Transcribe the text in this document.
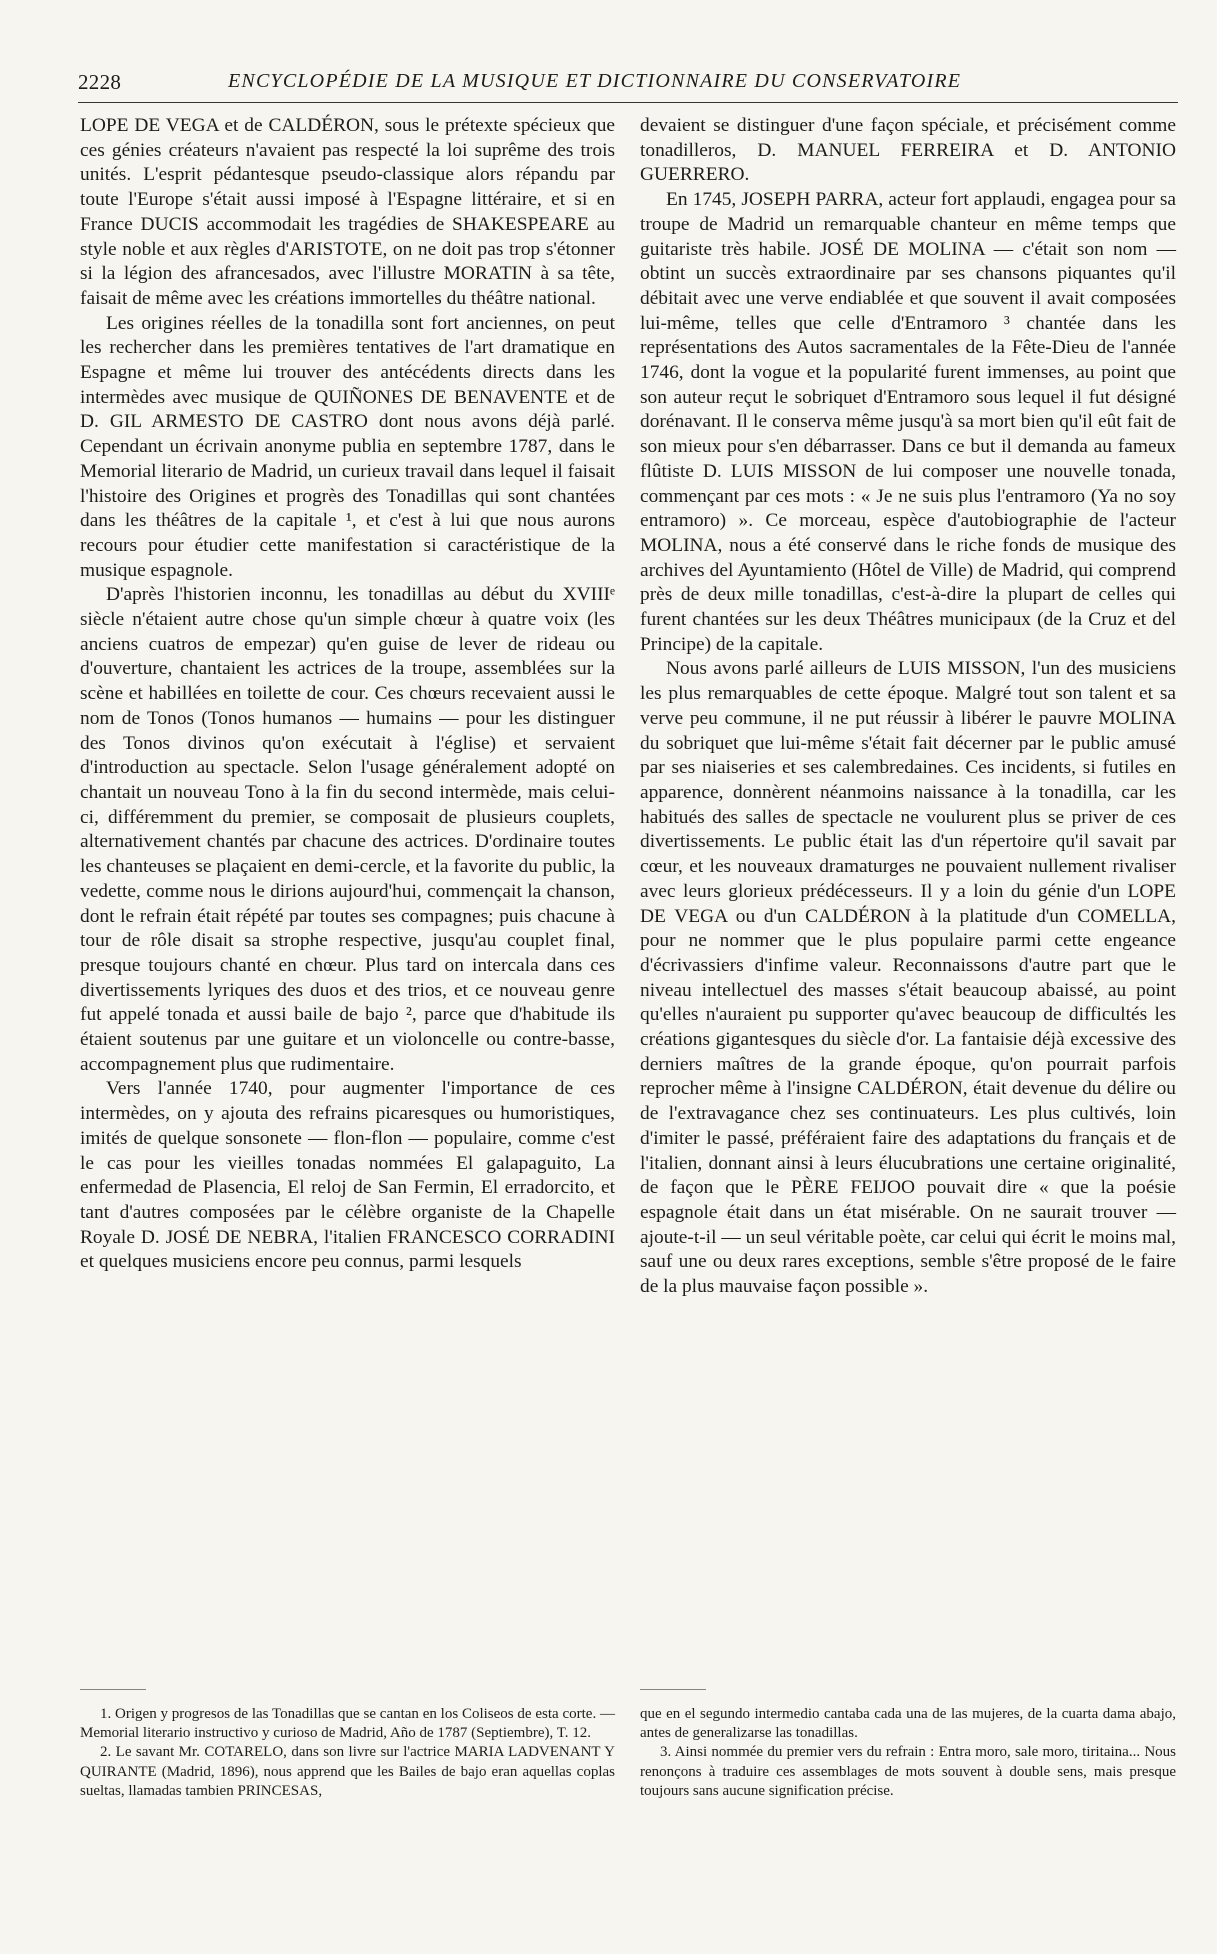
2228	ENCYCLOPÉDIE DE LA MUSIQUE ET DICTIONNAIRE DU CONSERVATOIRE

LOPE DE VEGA et de CALDÉRON, sous le prétexte spécieux que ces génies créateurs n'avaient pas respecté la loi suprême des trois unités. L'esprit pédantesque pseudo-classique alors répandu par toute l'Europe s'était aussi imposé à l'Espagne littéraire, et si en France DUCIS accommodait les tragédies de SHAKESPEARE au style noble et aux règles d'ARISTOTE, on ne doit pas trop s'étonner si la légion des afrancesados, avec l'illustre MORATIN à sa tête, faisait de même avec les créations immortelles du théâtre national.

Les origines réelles de la tonadilla sont fort anciennes, on peut les rechercher dans les premières tentatives de l'art dramatique en Espagne et même lui trouver des antécédents directs dans les intermèdes avec musique de QUIÑONES DE BENAVENTE et de D. GIL ARMESTO DE CASTRO dont nous avons déjà parlé. Cependant un écrivain anonyme publia en septembre 1787, dans le Memorial literario de Madrid, un curieux travail dans lequel il faisait l'histoire des Origines et progrès des Tonadillas qui sont chantées dans les théâtres de la capitale ¹, et c'est à lui que nous aurons recours pour étudier cette manifestation si caractéristique de la musique espagnole.

D'après l'historien inconnu, les tonadillas au début du XVIIIᵉ siècle n'étaient autre chose qu'un simple chœur à quatre voix (les anciens cuatros de empezar) qu'en guise de lever de rideau ou d'ouverture, chantaient les actrices de la troupe, assemblées sur la scène et habillées en toilette de cour. Ces chœurs recevaient aussi le nom de Tonos (Tonos humanos — humains — pour les distinguer des Tonos divinos qu'on exécutait à l'église) et servaient d'introduction au spectacle. Selon l'usage généralement adopté on chantait un nouveau Tono à la fin du second intermède, mais celui-ci, différemment du premier, se composait de plusieurs couplets, alternativement chantés par chacune des actrices. D'ordinaire toutes les chanteuses se plaçaient en demi-cercle, et la favorite du public, la vedette, comme nous le dirions aujourd'hui, commençait la chanson, dont le refrain était répété par toutes ses compagnes; puis chacune à tour de rôle disait sa strophe respective, jusqu'au couplet final, presque toujours chanté en chœur. Plus tard on intercala dans ces divertissements lyriques des duos et des trios, et ce nouveau genre fut appelé tonada et aussi baile de bajo ², parce que d'habitude ils étaient soutenus par une guitare et un violoncelle ou contre-basse, accompagnement plus que rudimentaire.

Vers l'année 1740, pour augmenter l'importance de ces intermèdes, on y ajouta des refrains picaresques ou humoristiques, imités de quelque sonsonete — flon-flon — populaire, comme c'est le cas pour les vieilles tonadas nommées El galapaguito, La enfermedad de Plasencia, El reloj de San Fermin, El erradorcito, et tant d'autres composées par le célèbre organiste de la Chapelle Royale D. JOSÉ DE NEBRA, l'italien FRANCESCO CORRADINI et quelques musiciens encore peu connus, parmi lesquels

devaient se distinguer d'une façon spéciale, et précisément comme tonadilleros, D. MANUEL FERREIRA et D. ANTONIO GUERRERO.

En 1745, JOSEPH PARRA, acteur fort applaudi, engagea pour sa troupe de Madrid un remarquable chanteur en même temps que guitariste très habile. JOSÉ DE MOLINA — c'était son nom — obtint un succès extraordinaire par ses chansons piquantes qu'il débitait avec une verve endiablée et que souvent il avait composées lui-même, telles que celle d'Entramoro ³ chantée dans les représentations des Autos sacramentales de la Fête-Dieu de l'année 1746, dont la vogue et la popularité furent immenses, au point que son auteur reçut le sobriquet d'Entramoro sous lequel il fut désigné dorénavant. Il le conserva même jusqu'à sa mort bien qu'il eût fait de son mieux pour s'en débarrasser. Dans ce but il demanda au fameux flûtiste D. LUIS MISSON de lui composer une nouvelle tonada, commençant par ces mots : « Je ne suis plus l'entramoro (Ya no soy entramoro) ». Ce morceau, espèce d'autobiographie de l'acteur MOLINA, nous a été conservé dans le riche fonds de musique des archives del Ayuntamiento (Hôtel de Ville) de Madrid, qui comprend près de deux mille tonadillas, c'est-à-dire la plupart de celles qui furent chantées sur les deux Théâtres municipaux (de la Cruz et del Principe) de la capitale.

Nous avons parlé ailleurs de LUIS MISSON, l'un des musiciens les plus remarquables de cette époque. Malgré tout son talent et sa verve peu commune, il ne put réussir à libérer le pauvre MOLINA du sobriquet que lui-même s'était fait décerner par le public amusé par ses niaiseries et ses calembredaines. Ces incidents, si futiles en apparence, donnèrent néanmoins naissance à la tonadilla, car les habitués des salles de spectacle ne voulurent plus se priver de ces divertissements. Le public était las d'un répertoire qu'il savait par cœur, et les nouveaux dramaturges ne pouvaient nullement rivaliser avec leurs glorieux prédécesseurs. Il y a loin du génie d'un LOPE DE VEGA ou d'un CALDÉRON à la platitude d'un COMELLA, pour ne nommer que le plus populaire parmi cette engeance d'écrivassiers d'infime valeur. Reconnaissons d'autre part que le niveau intellectuel des masses s'était beaucoup abaissé, au point qu'elles n'auraient pu supporter qu'avec beaucoup de difficultés les créations gigantesques du siècle d'or. La fantaisie déjà excessive des derniers maîtres de la grande époque, qu'on pourrait parfois reprocher même à l'insigne CALDÉRON, était devenue du délire ou de l'extravagance chez ses continuateurs. Les plus cultivés, loin d'imiter le passé, préféraient faire des adaptations du français et de l'italien, donnant ainsi à leurs élucubrations une certaine originalité, de façon que le PÈRE FEIJOO pouvait dire « que la poésie espagnole était dans un état misérable. On ne saurait trouver — ajoute-t-il — un seul véritable poète, car celui qui écrit le moins mal, sauf une ou deux rares exceptions, semble s'être proposé de le faire de la plus mauvaise façon possible ».

1. Origen y progresos de las Tonadillas que se cantan en los Coliseos de esta corte. — Memorial literario instructivo y curioso de Madrid, Año de 1787 (Septiembre), T. 12.

2. Le savant Mr. COTARELO, dans son livre sur l'actrice MARIA LADVENANT Y QUIRANTE (Madrid, 1896), nous apprend que les Bailes de bajo eran aquellas coplas sueltas, llamadas tambien PRINCESAS,

que en el segundo intermedio cantaba cada una de las mujeres, de la cuarta dama abajo, antes de generalizarse las tonadillas.

3. Ainsi nommée du premier vers du refrain : Entra moro, sale moro, tiritaina... Nous renonçons à traduire ces assemblages de mots souvent à double sens, mais presque toujours sans aucune signification précise.
